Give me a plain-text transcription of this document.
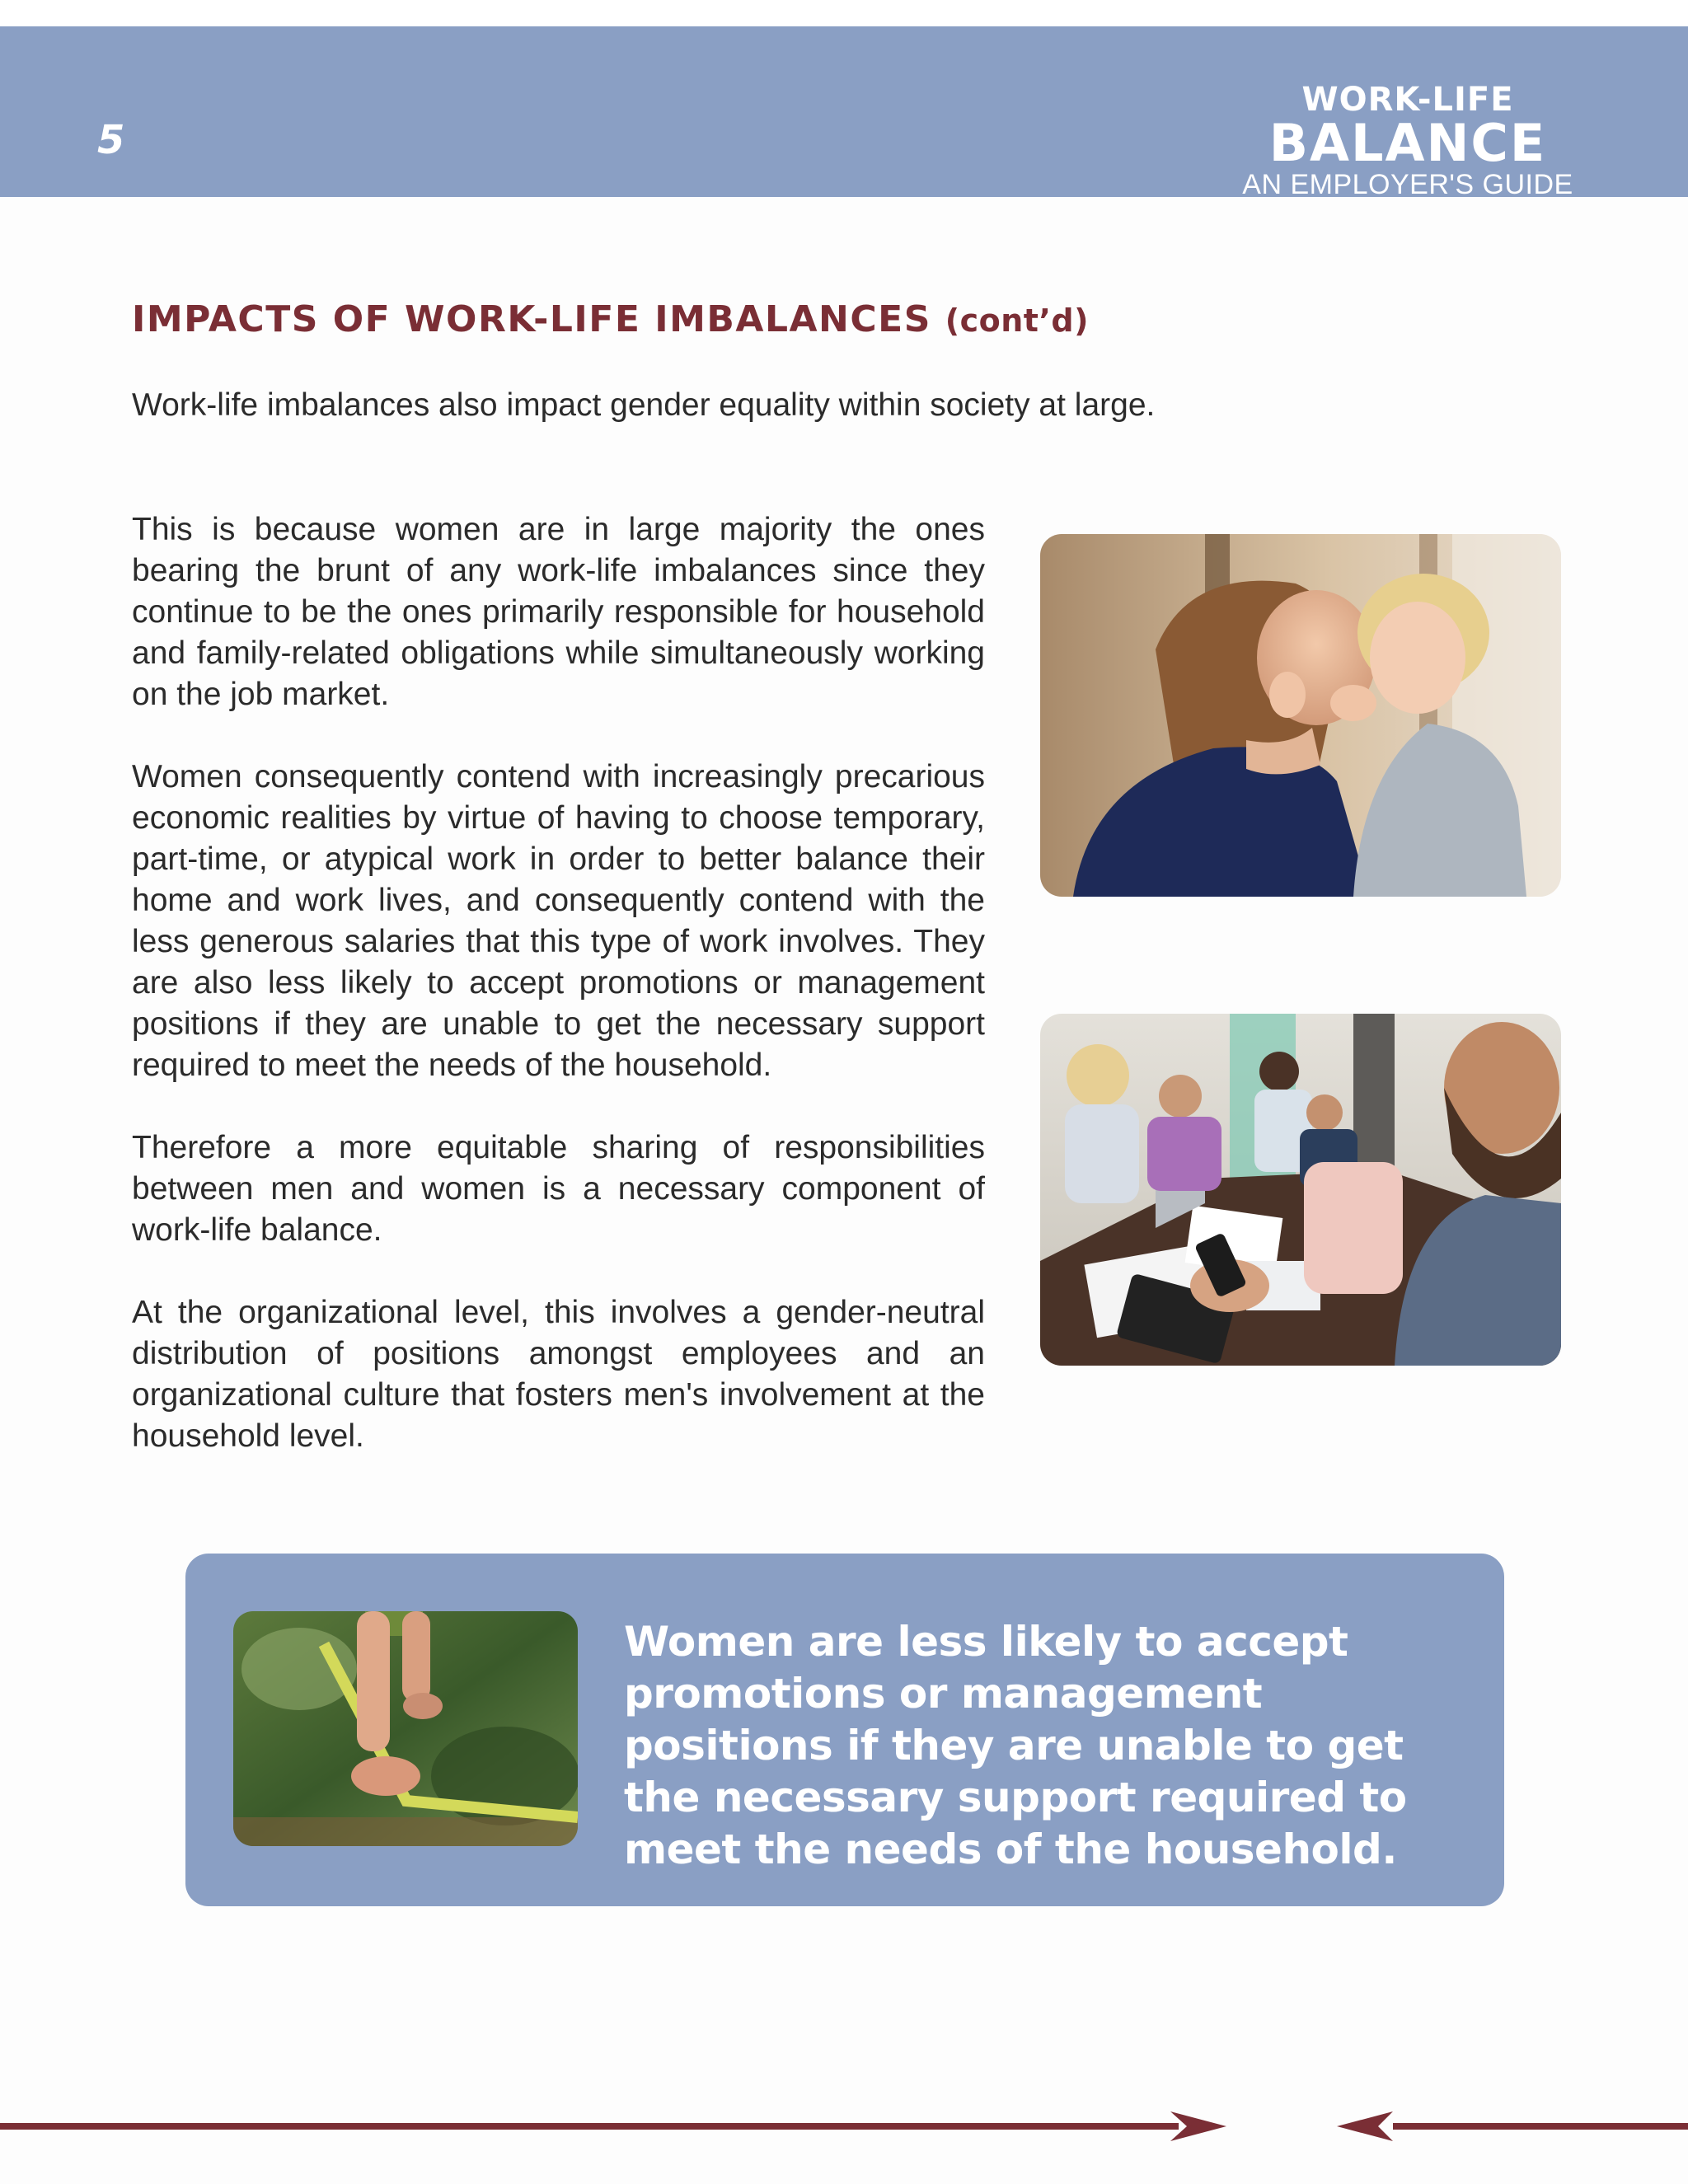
5
WORK-LIFE
BALANCE
AN EMPLOYER'S GUIDE
IMPACTS OF WORK-LIFE IMBALANCES (cont’d)
Work-life imbalances also impact gender equality within society at large.

This is because women are in large majority the ones bearing the brunt of any work-life imbalances since they continue to be the ones primarily responsible for household and family-related obligations while simultaneously working on the job market.

Women consequently contend with increasingly precarious economic realities by virtue of having to choose temporary, part-time, or atypical work in order to better balance their home and work lives, and consequently contend with the less generous salaries that this type of work involves. They are also less likely to accept promotions or management positions if they are unable to get the necessary support required to meet the needs of the household.

Therefore a more equitable sharing of responsibilities between men and women is a necessary component of work-life balance.

At the organizational level, this involves a gender-neutral distribution of positions amongst employees and an organizational culture that fosters men's involvement at the household level.

Women are less likely to accept promotions or management positions if they are unable to get the necessary support required to meet the needs of the household.
